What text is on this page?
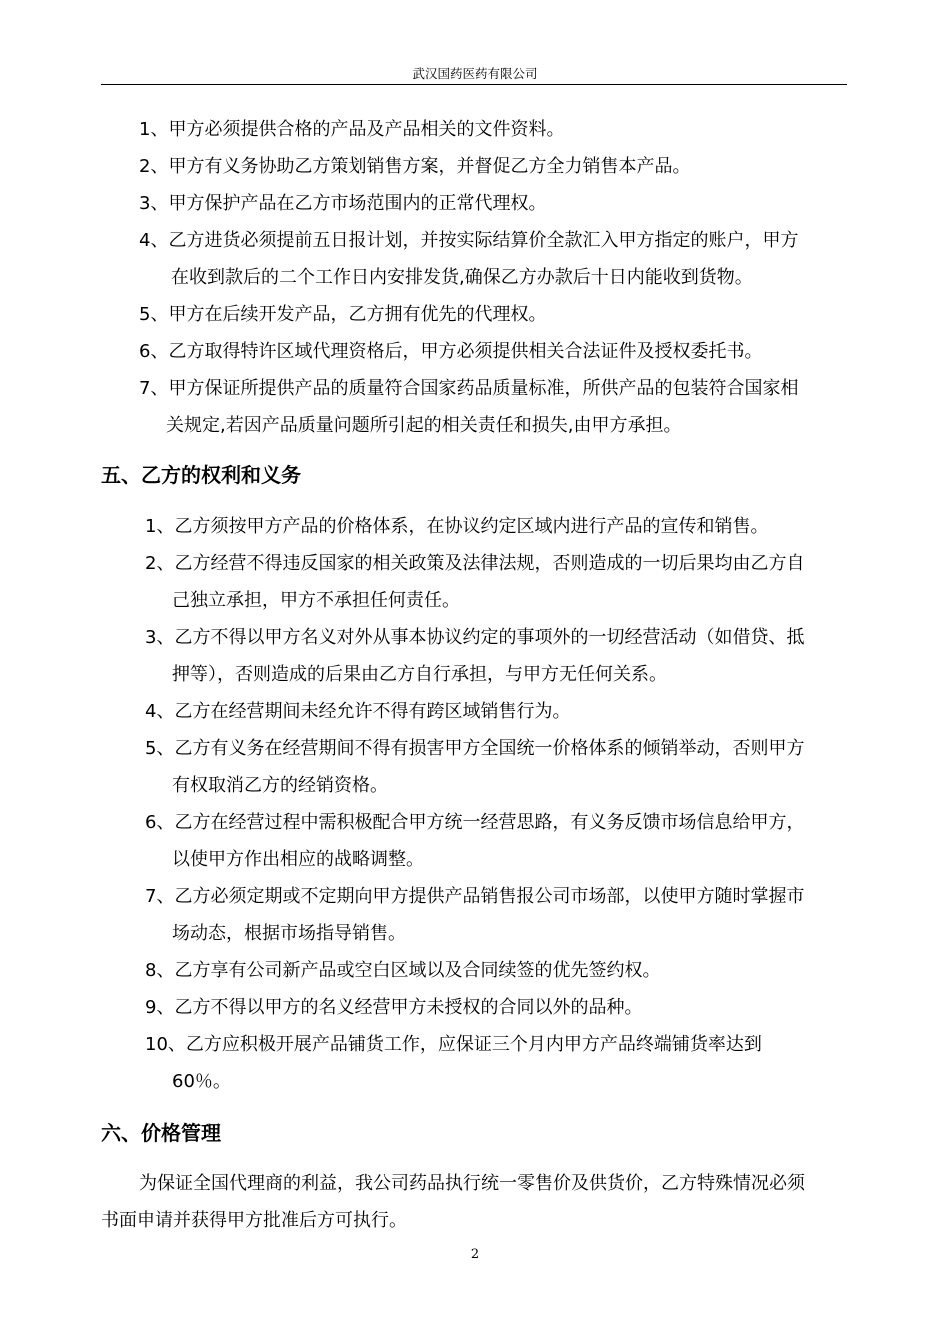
武汉国药医药有限公司
1、甲方必须提供合格的产品及产品相关的文件资料。
2、甲方有义务协助乙方策划销售方案，并督促乙方全力销售本产品。
3、甲方保护产品在乙方市场范围内的正常代理权。
4、乙方进货必须提前五日报计划，并按实际结算价全款汇入甲方指定的账户，甲方
在收到款后的二个工作日内安排发货,确保乙方办款后十日内能收到货物。
5、甲方在后续开发产品，乙方拥有优先的代理权。
6、乙方取得特许区域代理资格后，甲方必须提供相关合法证件及授权委托书。
7、甲方保证所提供产品的质量符合国家药品质量标准，所供产品的包装符合国家相
关规定,若因产品质量问题所引起的相关责任和损失,由甲方承担。
五、乙方的权利和义务
1、乙方须按甲方产品的价格体系，在协议约定区域内进行产品的宣传和销售。
2、乙方经营不得违反国家的相关政策及法律法规，否则造成的一切后果均由乙方自
己独立承担，甲方不承担任何责任。
3、乙方不得以甲方名义对外从事本协议约定的事项外的一切经营活动（如借贷、抵
押等），否则造成的后果由乙方自行承担，与甲方无任何关系。
4、乙方在经营期间未经允许不得有跨区域销售行为。
5、乙方有义务在经营期间不得有损害甲方全国统一价格体系的倾销举动，否则甲方
有权取消乙方的经销资格。
6、乙方在经营过程中需积极配合甲方统一经营思路，有义务反馈市场信息给甲方，
以使甲方作出相应的战略调整。
7、乙方必须定期或不定期向甲方提供产品销售报公司市场部，以使甲方随时掌握市
场动态，根据市场指导销售。
8、乙方享有公司新产品或空白区域以及合同续签的优先签约权。
9、乙方不得以甲方的名义经营甲方未授权的合同以外的品种。
10、乙方应积极开展产品铺货工作，应保证三个月内甲方产品终端铺货率达到
60％。
六、价格管理
为保证全国代理商的利益，我公司药品执行统一零售价及供货价，乙方特殊情况必须
书面申请并获得甲方批准后方可执行。
2
